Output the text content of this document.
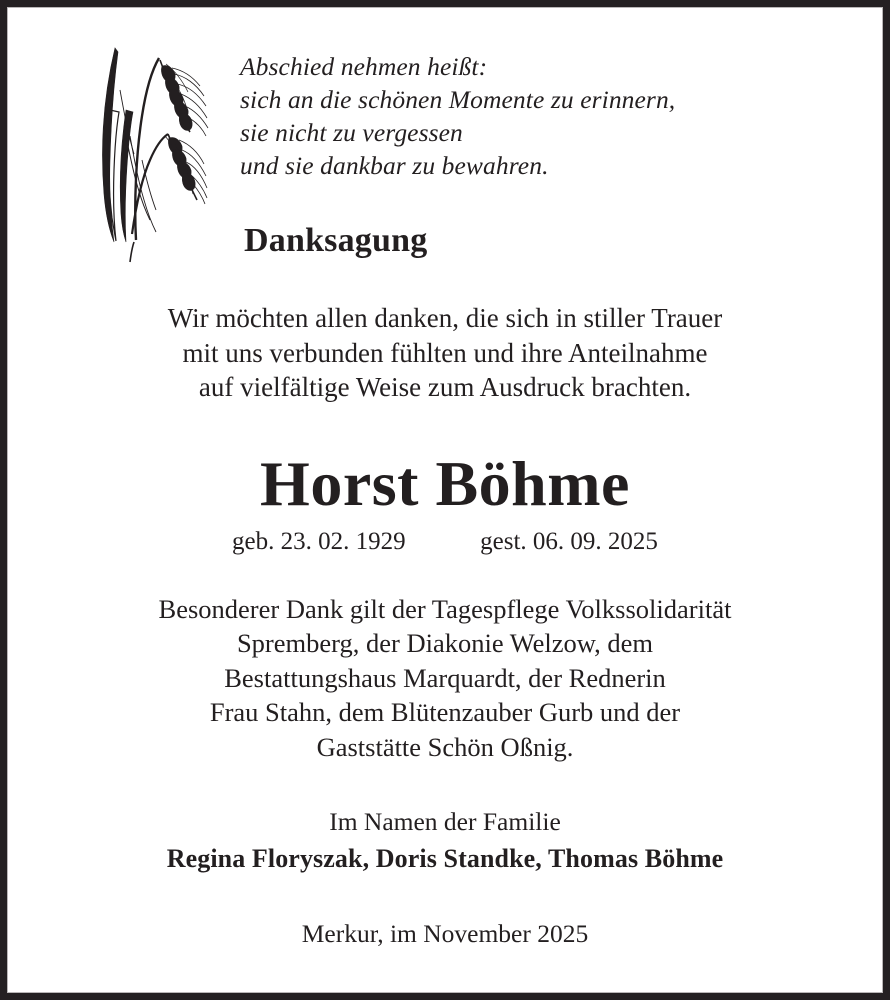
Abschied nehmen heißt:
sich an die schönen Momente zu erinnern,
sie nicht zu vergessen
und sie dankbar zu bewahren.
Danksagung
Wir möchten allen danken, die sich in stiller Trauer
mit uns verbunden fühlten und ihre Anteilnahme
auf vielfältige Weise zum Ausdruck brachten.
Horst Böhme
geb. 23. 02. 1929	gest. 06. 09. 2025
Besonderer Dank gilt der Tagespflege Volkssolidarität
Spremberg, der Diakonie Welzow, dem
Bestattungshaus Marquardt, der Rednerin
Frau Stahn, dem Blütenzauber Gurb und der
Gaststätte Schön Oßnig.
Im Namen der Familie
Regina Floryszak, Doris Standke, Thomas Böhme
Merkur, im November 2025
